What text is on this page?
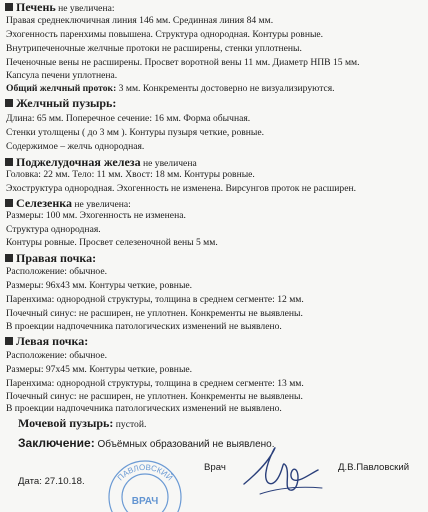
Печень не увеличена:
Правая среднеключичная линия 146 мм. Срединная линия 84 мм.
Эхогенность паренхимы повышена. Структура однородная. Контуры ровные.
Внутрипеченочные желчные протоки не расширены, стенки уплотнены.
Печеночные вены не расширены. Просвет воротной вены 11 мм. Диаметр НПВ 15 мм.
Капсула печени уплотнена.
Общий желчный проток: 3 мм. Конкременты достоверно не визуализируются.
Желчный пузырь:
Длина: 65 мм. Поперечное сечение: 16 мм. Форма обычная.
Стенки утолщены ( до 3 мм ). Контуры пузыря четкие, ровные.
Содержимое – желчь однородная.
Поджелудочная железа не увеличена
Головка: 22 мм. Тело: 11 мм. Хвост: 18 мм. Контуры ровные.
Эхоструктура однородная. Эхогенность не изменена. Вирсунгов проток не расширен.
Селезенка не увеличена:
Размеры: 100 мм. Эхогенность не изменена.
Структура однородная.
Контуры ровные. Просвет селезеночной вены 5 мм.
Правая почка:
Расположение: обычное.
Размеры: 96х43 мм. Контуры четкие, ровные.
Паренхима: однородной структуры, толщина в среднем сегменте: 12 мм.
Почечный синус: не расширен, не уплотнен. Конкременты не выявлены.
В проекции надпочечника патологических изменений не выявлено.
Левая почка:
Расположение: обычное.
Размеры: 97х45 мм. Контуры четкие, ровные.
Паренхима: однородной структуры, толщина в среднем сегменте: 13 мм.
Почечный синус: не расширен, не уплотнен. Конкременты не выявлены.
В проекции надпочечника патологических изменений не выявлено.
Мочевой пузырь: пустой.
Заключение: Объёмных образований не выявлено.
ПАВЛОВСКИЙ
ВРАЧ
Дата: 27.10.18.
Врач	Д.В.Павловский
